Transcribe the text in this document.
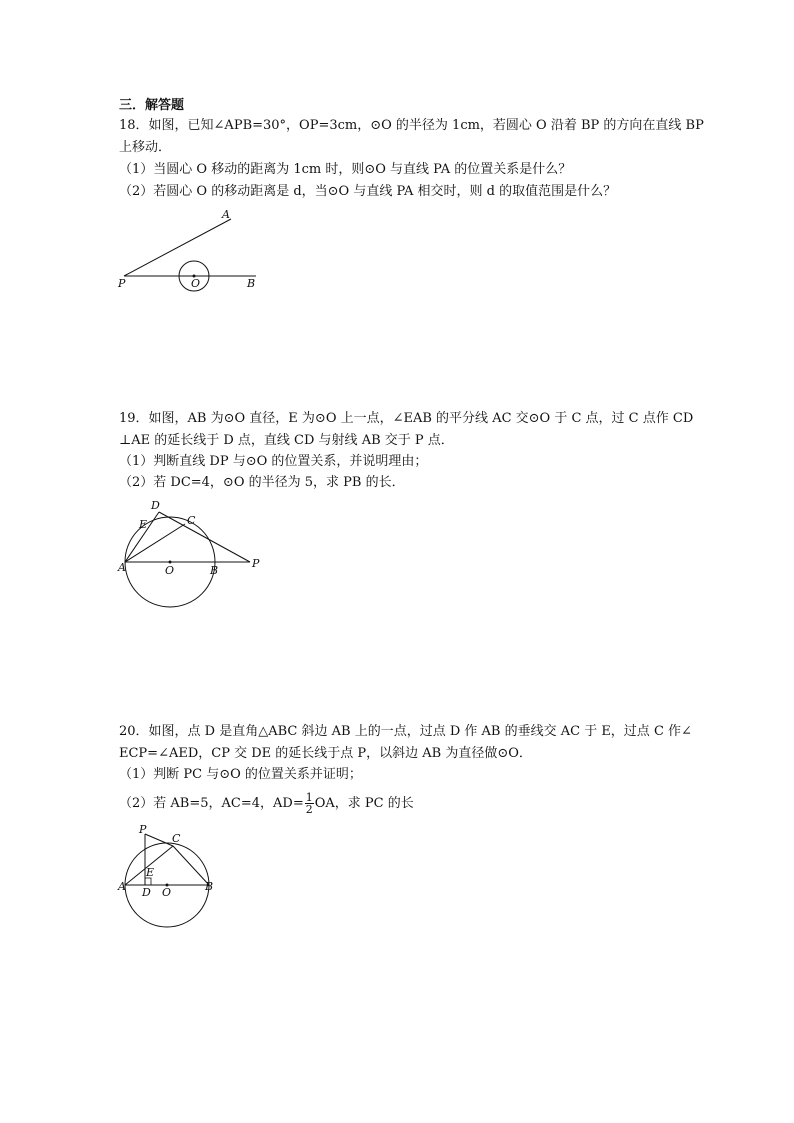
三．解答题
18．如图，已知∠APB=30°，OP=3cm，⊙O 的半径为 1cm，若圆心 O 沿着 BP 的方向在直线 BP
上移动．
（1）当圆心 O 移动的距离为 1cm 时，则⊙O 与直线 PA 的位置关系是什么？
（2）若圆心 O 的移动距离是 d，当⊙O 与直线 PA 相交时，则 d 的取值范围是什么？
A
P	O	B
19．如图，AB 为⊙O 直径，E 为⊙O 上一点，∠EAB 的平分线 AC 交⊙O 于 C 点，过 C 点作 CD
⊥AE 的延长线于 D 点，直线 CD 与射线 AB 交于 P 点．
（1）判断直线 DP 与⊙O 的位置关系，并说明理由；
（2）若 DC=4，⊙O 的半径为 5，求 PB 的长．
D
E	C
A	O	B
P
20．如图，点 D 是直角△ABC 斜边 AB 上的一点，过点 D 作 AB 的垂线交 AC 于 E，过点 C 作∠
ECP=∠AED，CP 交 DE 的延长线于点 P，以斜边 AB 为直径做⊙O．
（1）判断 PC 与⊙O 的位置关系并证明；
（2）若 AB=5，AC=4，$AD= \frac{1}{2}$ OA，求 PC 的长
P
C
E
A D O	B
